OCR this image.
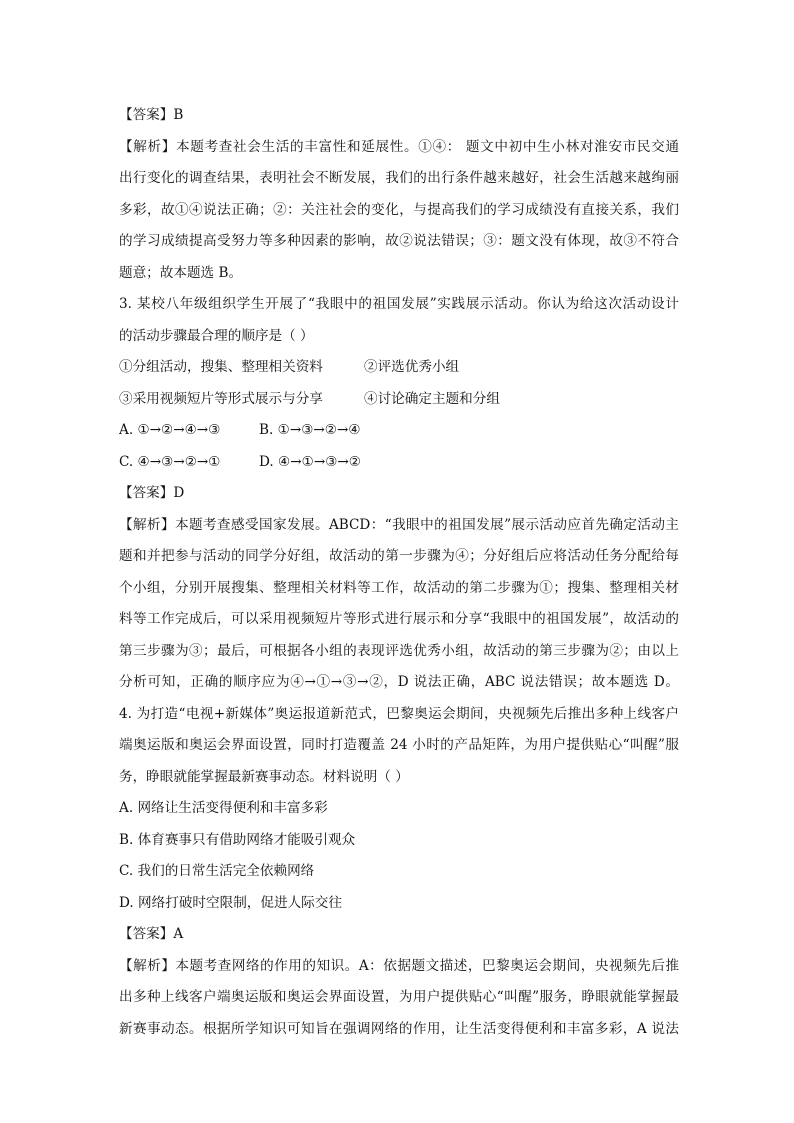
【答案】B
【解析】本题考查社会生活的丰富性和延展性。①④： 题文中初中生小林对淮安市民交通
出行变化的调查结果，表明社会不断发展，我们的出行条件越来越好，社会生活越来越绚丽
多彩，故①④说法正确；②：关注社会的变化，与提高我们的学习成绩没有直接关系，我们
的学习成绩提高受努力等多种因素的影响，故②说法错误；③：题文没有体现，故③不符合
题意；故本题选 B。
3. 某校八年级组织学生开展了“我眼中的祖国发展”实践展示活动。你认为给这次活动设计
的活动步骤最合理的顺序是（ ）
①分组活动，搜集、整理相关资料	②评选优秀小组
③采用视频短片等形式展示与分享	④讨论确定主题和分组
A. ①→②→④→③	B. ①→③→②→④
C. ④→③→②→①	D. ④→①→③→②
【答案】D
【解析】本题考查感受国家发展。ABCD：“我眼中的祖国发展”展示活动应首先确定活动主
题和并把参与活动的同学分好组，故活动的第一步骤为④；分好组后应将活动任务分配给每
个小组，分别开展搜集、整理相关材料等工作，故活动的第二步骤为①；搜集、整理相关材
料等工作完成后，可以采用视频短片等形式进行展示和分享“我眼中的祖国发展”，故活动的
第三步骤为③；最后，可根据各小组的表现评选优秀小组，故活动的第三步骤为②；由以上
分析可知，正确的顺序应为④→①→③→②，D 说法正确，ABC 说法错误；故本题选 D。
4. 为打造“电视+新媒体”奥运报道新范式，巴黎奥运会期间，央视频先后推出多种上线客户
端奥运版和奥运会界面设置，同时打造覆盖 24 小时的产品矩阵，为用户提供贴心“叫醒”服
务，睁眼就能掌握最新赛事动态。材料说明（ ）
A. 网络让生活变得便利和丰富多彩
B. 体育赛事只有借助网络才能吸引观众
C. 我们的日常生活完全依赖网络
D. 网络打破时空限制，促进人际交往
【答案】A
【解析】本题考查网络的作用的知识。A：依据题文描述，巴黎奥运会期间，央视频先后推
出多种上线客户端奥运版和奥运会界面设置，为用户提供贴心“叫醒”服务，睁眼就能掌握最
新赛事动态。根据所学知识可知旨在强调网络的作用，让生活变得便利和丰富多彩，A 说法
